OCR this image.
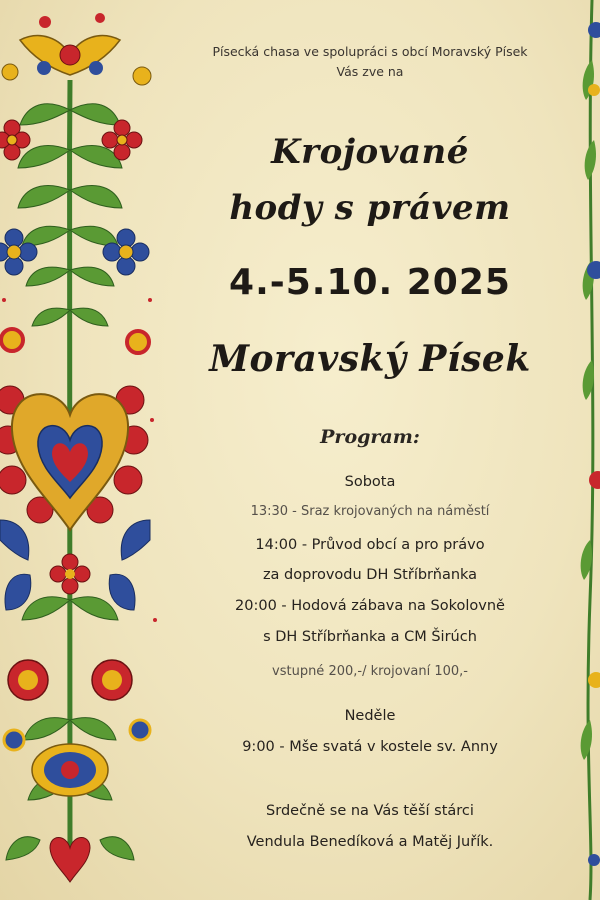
Písecká chasa ve spolupráci s obcí Moravský Písek
Vás zve na
Krojované
hody s právem
4.-5.10. 2025
Moravský Písek
Program:
Sobota
13:30 - Sraz krojovaných na náměstí
14:00 - Průvod obcí a pro právo
za doprovodu DH Stříbrňanka
20:00 - Hodová zábava na Sokolovně
s DH Stříbrňanka a CM Širúch
vstupné 200,-/ krojovaní 100,-
Neděle
9:00 - Mše svatá v kostele sv. Anny
Srdečně se na Vás těší stárci
Vendula Benedíková a Matěj Juřík.
